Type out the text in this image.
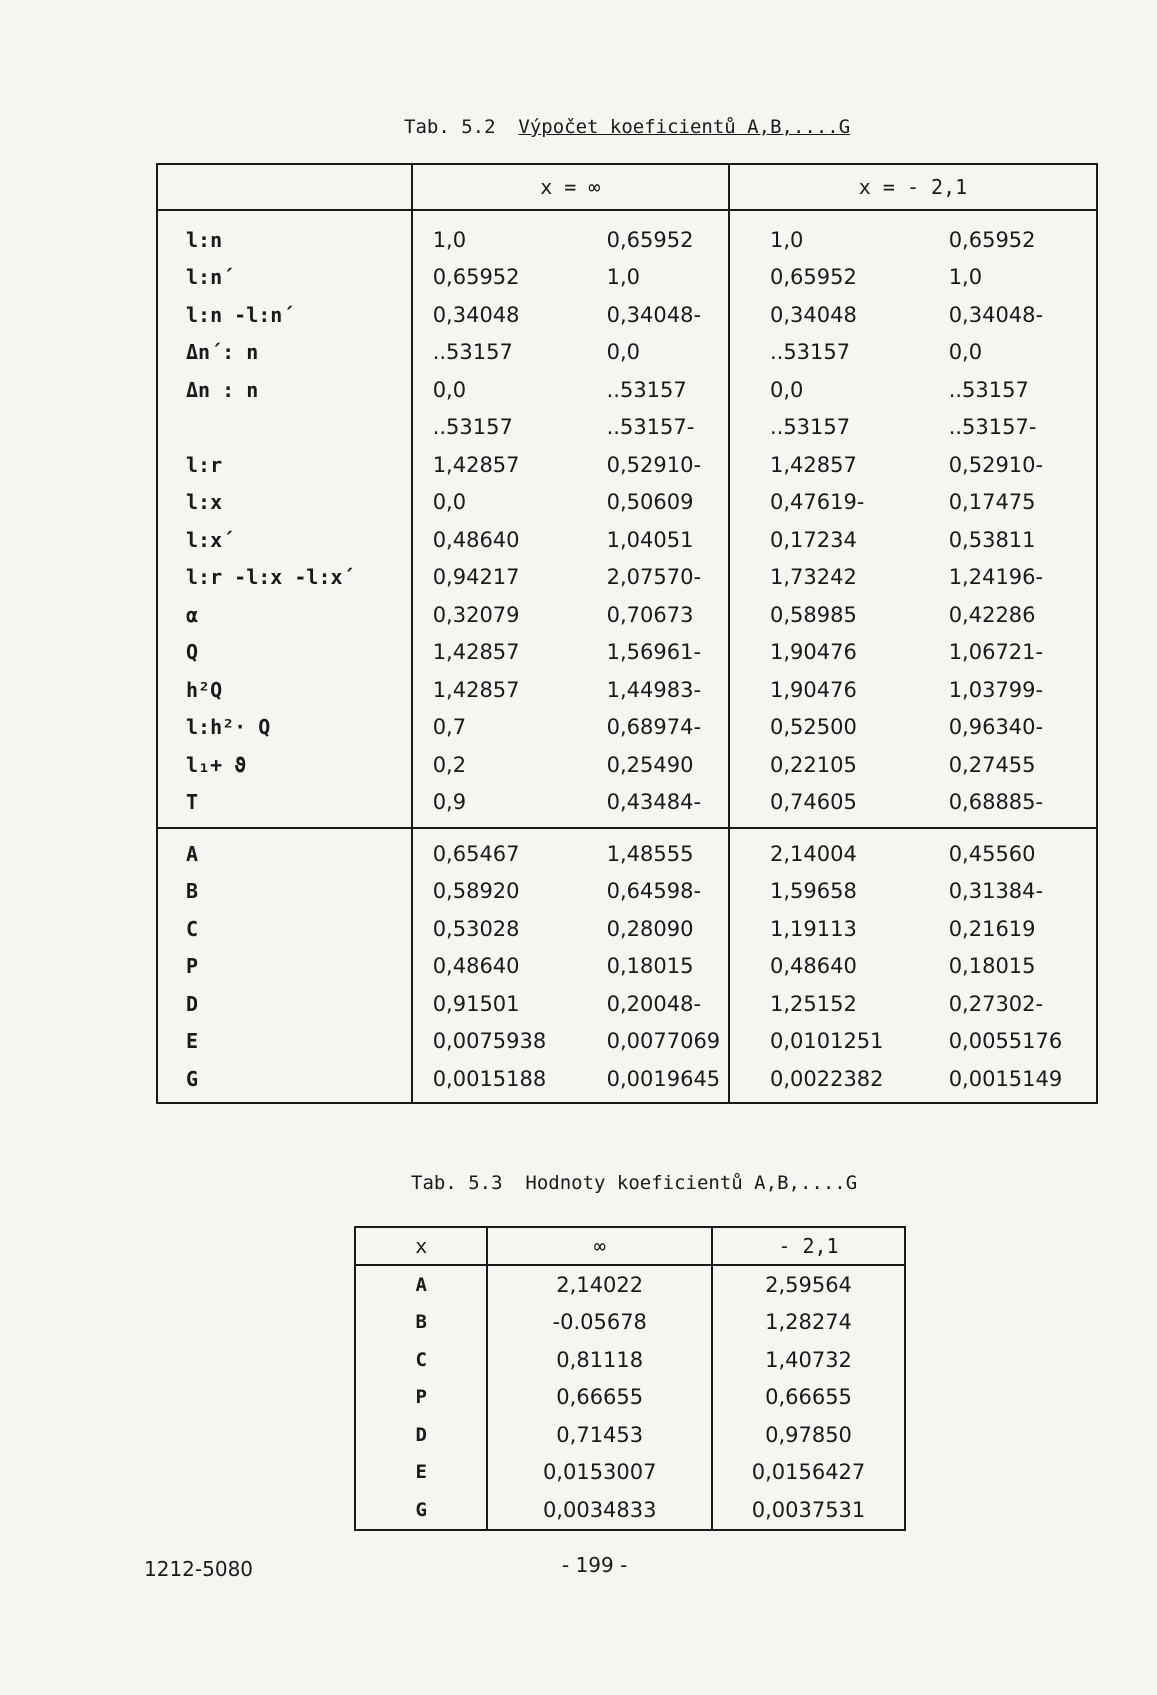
Tab. 5.2 Výpočet koeficientů A,B,....G
	x = ∞		x = - 2,1	
l:n	1,0	0,65952	1,0	0,65952
l:n´	0,65952	1,0	0,65952	1,0
l:n -l:n´	0,34048	0,34048-	0,34048	0,34048-
Δn´: n	..53157	0,0	..53157	0,0
Δn : n	0,0	..53157	0,0	..53157
	..53157	..53157-	..53157	..53157-
l:r	1,42857	0,52910-	1,42857	0,52910-
l:x	0,0	0,50609	0,47619-	0,17475
l:x´	0,48640	1,04051	0,17234	0,53811
l:r -l:x -l:x´	0,94217	2,07570-	1,73242	1,24196-
α	0,32079	0,70673	0,58985	0,42286
Q	1,42857	1,56961-	1,90476	1,06721-
h²Q	1,42857	1,44983-	1,90476	1,03799-
l:h²· Q	0,7	0,68974-	0,52500	0,96340-
l₁+ ϑ	0,2	0,25490	0,22105	0,27455
T	0,9	0,43484-	0,74605	0,68885-
A	0,65467	1,48555	2,14004	0,45560
B	0,58920	0,64598-	1,59658	0,31384-
C	0,53028	0,28090	1,19113	0,21619
P	0,48640	0,18015	0,48640	0,18015
D	0,91501	0,20048-	1,25152	0,27302-
E	0,0075938	0,0077069	0,0101251	0,0055176
G	0,0015188	0,0019645	0,0022382	0,0015149
Tab. 5.3 Hodnoty koeficientů A,B,....G
x	∞	- 2,1
A	2,14022	2,59564
B	-0.05678	1,28274
C	0,81118	1,40732
P	0,66655	0,66655
D	0,71453	0,97850
E	0,0153007	0,0156427
G	0,0034833	0,0037531
1212-5080	- 199 -
